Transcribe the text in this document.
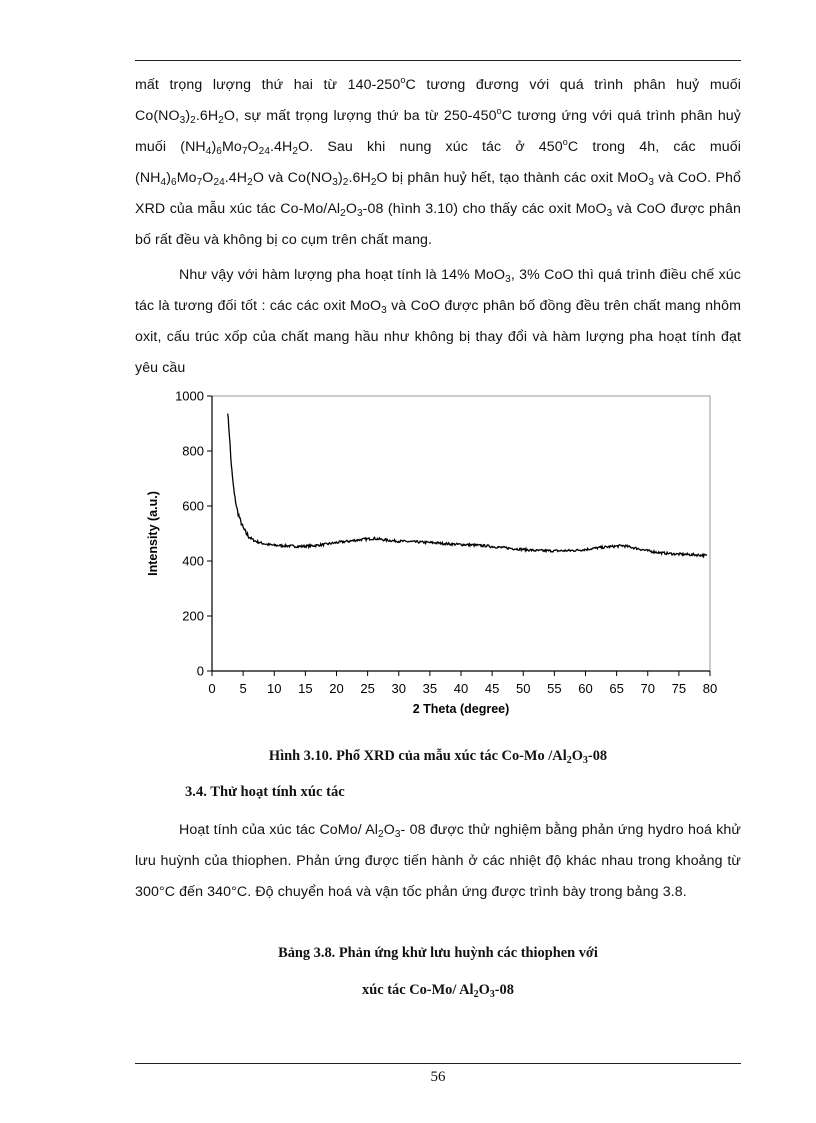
mất trọng lượng thứ hai từ 140-250$^o$C tương đương với quá trình phân huỷ muối $Co(NO_3)_2.6H_2O$, sự mất trọng lượng thứ ba từ 250-450$^o$C tương ứng với quá trình phân huỷ muối $(NH_4)_6Mo_7O_{24}.4H_2O$. Sau khi nung xúc tác ở 450$^o$C trong 4h, các muối $(NH_4)_6Mo_7O_{24}.4H_2O$ và $Co(NO_3)_2.6H_2O$ bị phân huỷ hết, tạo thành các oxit MoO$_3$ và CoO. Phổ XRD của mẫu xúc tác $Co-Mo/Al_2O_3-08$ (hình 3.10) cho thấy các oxit MoO$_3$ và CoO được phân bố rất đều và không bị co cụm trên chất mang.

Như vậy với hàm lượng pha hoạt tính là 14% MoO$_3$, 3% CoO thì quá trình điều chế xúc tác là tương đối tốt : các các oxit MoO$_3$ và CoO được phân bố đồng đều trên chất mang nhôm oxit, cấu trúc xốp của chất mang hầu như không bị thay đổi và hàm lượng pha hoạt tính đạt yêu cầu

0 5 10 15 20 25 30 35 40 45 50 55 60 65 70 75 80
0
200
400
600
800
1000
Intensity (a.u.)
2 Theta (degree)
Hình 3.10. Phổ XRD của mẫu xúc tác Co-Mo $/Al_2O_3-08$
3.4. Thử hoạt tính xúc tác

Hoạt tính của xúc tác CoMo/ $Al_2O_3-$ 08 được thử nghiệm bằng phản ứng hydro hoá khử lưu huỳnh của thiophen. Phản ứng được tiến hành ở các nhiệt độ khác nhau trong khoảng từ 300°C đến 340°C. Độ chuyển hoá và vận tốc phản ứng được trình bày trong bảng 3.8.

Bảng 3.8. Phản ứng khử lưu huỳnh các thiophen với
xúc tác Co-Mo/ $Al_2O_3-08$
56
